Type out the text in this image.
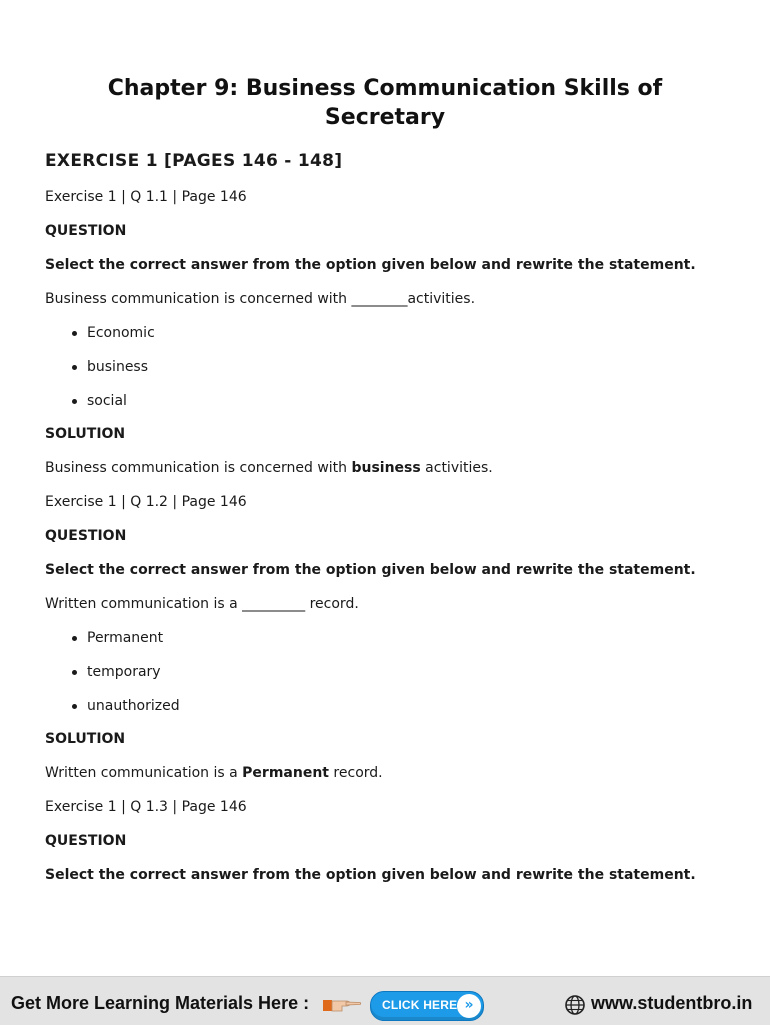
Chapter 9: Business Communication Skills of
Secretary
EXERCISE 1 [PAGES 146 - 148]
Exercise 1 | Q 1.1 | Page 146
QUESTION
Select the correct answer from the option given below and rewrite the statement.
Business communication is concerned with ________activities.
Economic
business
social
SOLUTION
Business communication is concerned with business activities.
Exercise 1 | Q 1.2 | Page 146
QUESTION
Select the correct answer from the option given below and rewrite the statement.
Written communication is a _________ record.
Permanent
temporary
unauthorized
SOLUTION
Written communication is a Permanent record.
Exercise 1 | Q 1.3 | Page 146
QUESTION
Select the correct answer from the option given below and rewrite the statement.
Get More Learning Materials Here :	CLICK HERE »	www.studentbro.in
